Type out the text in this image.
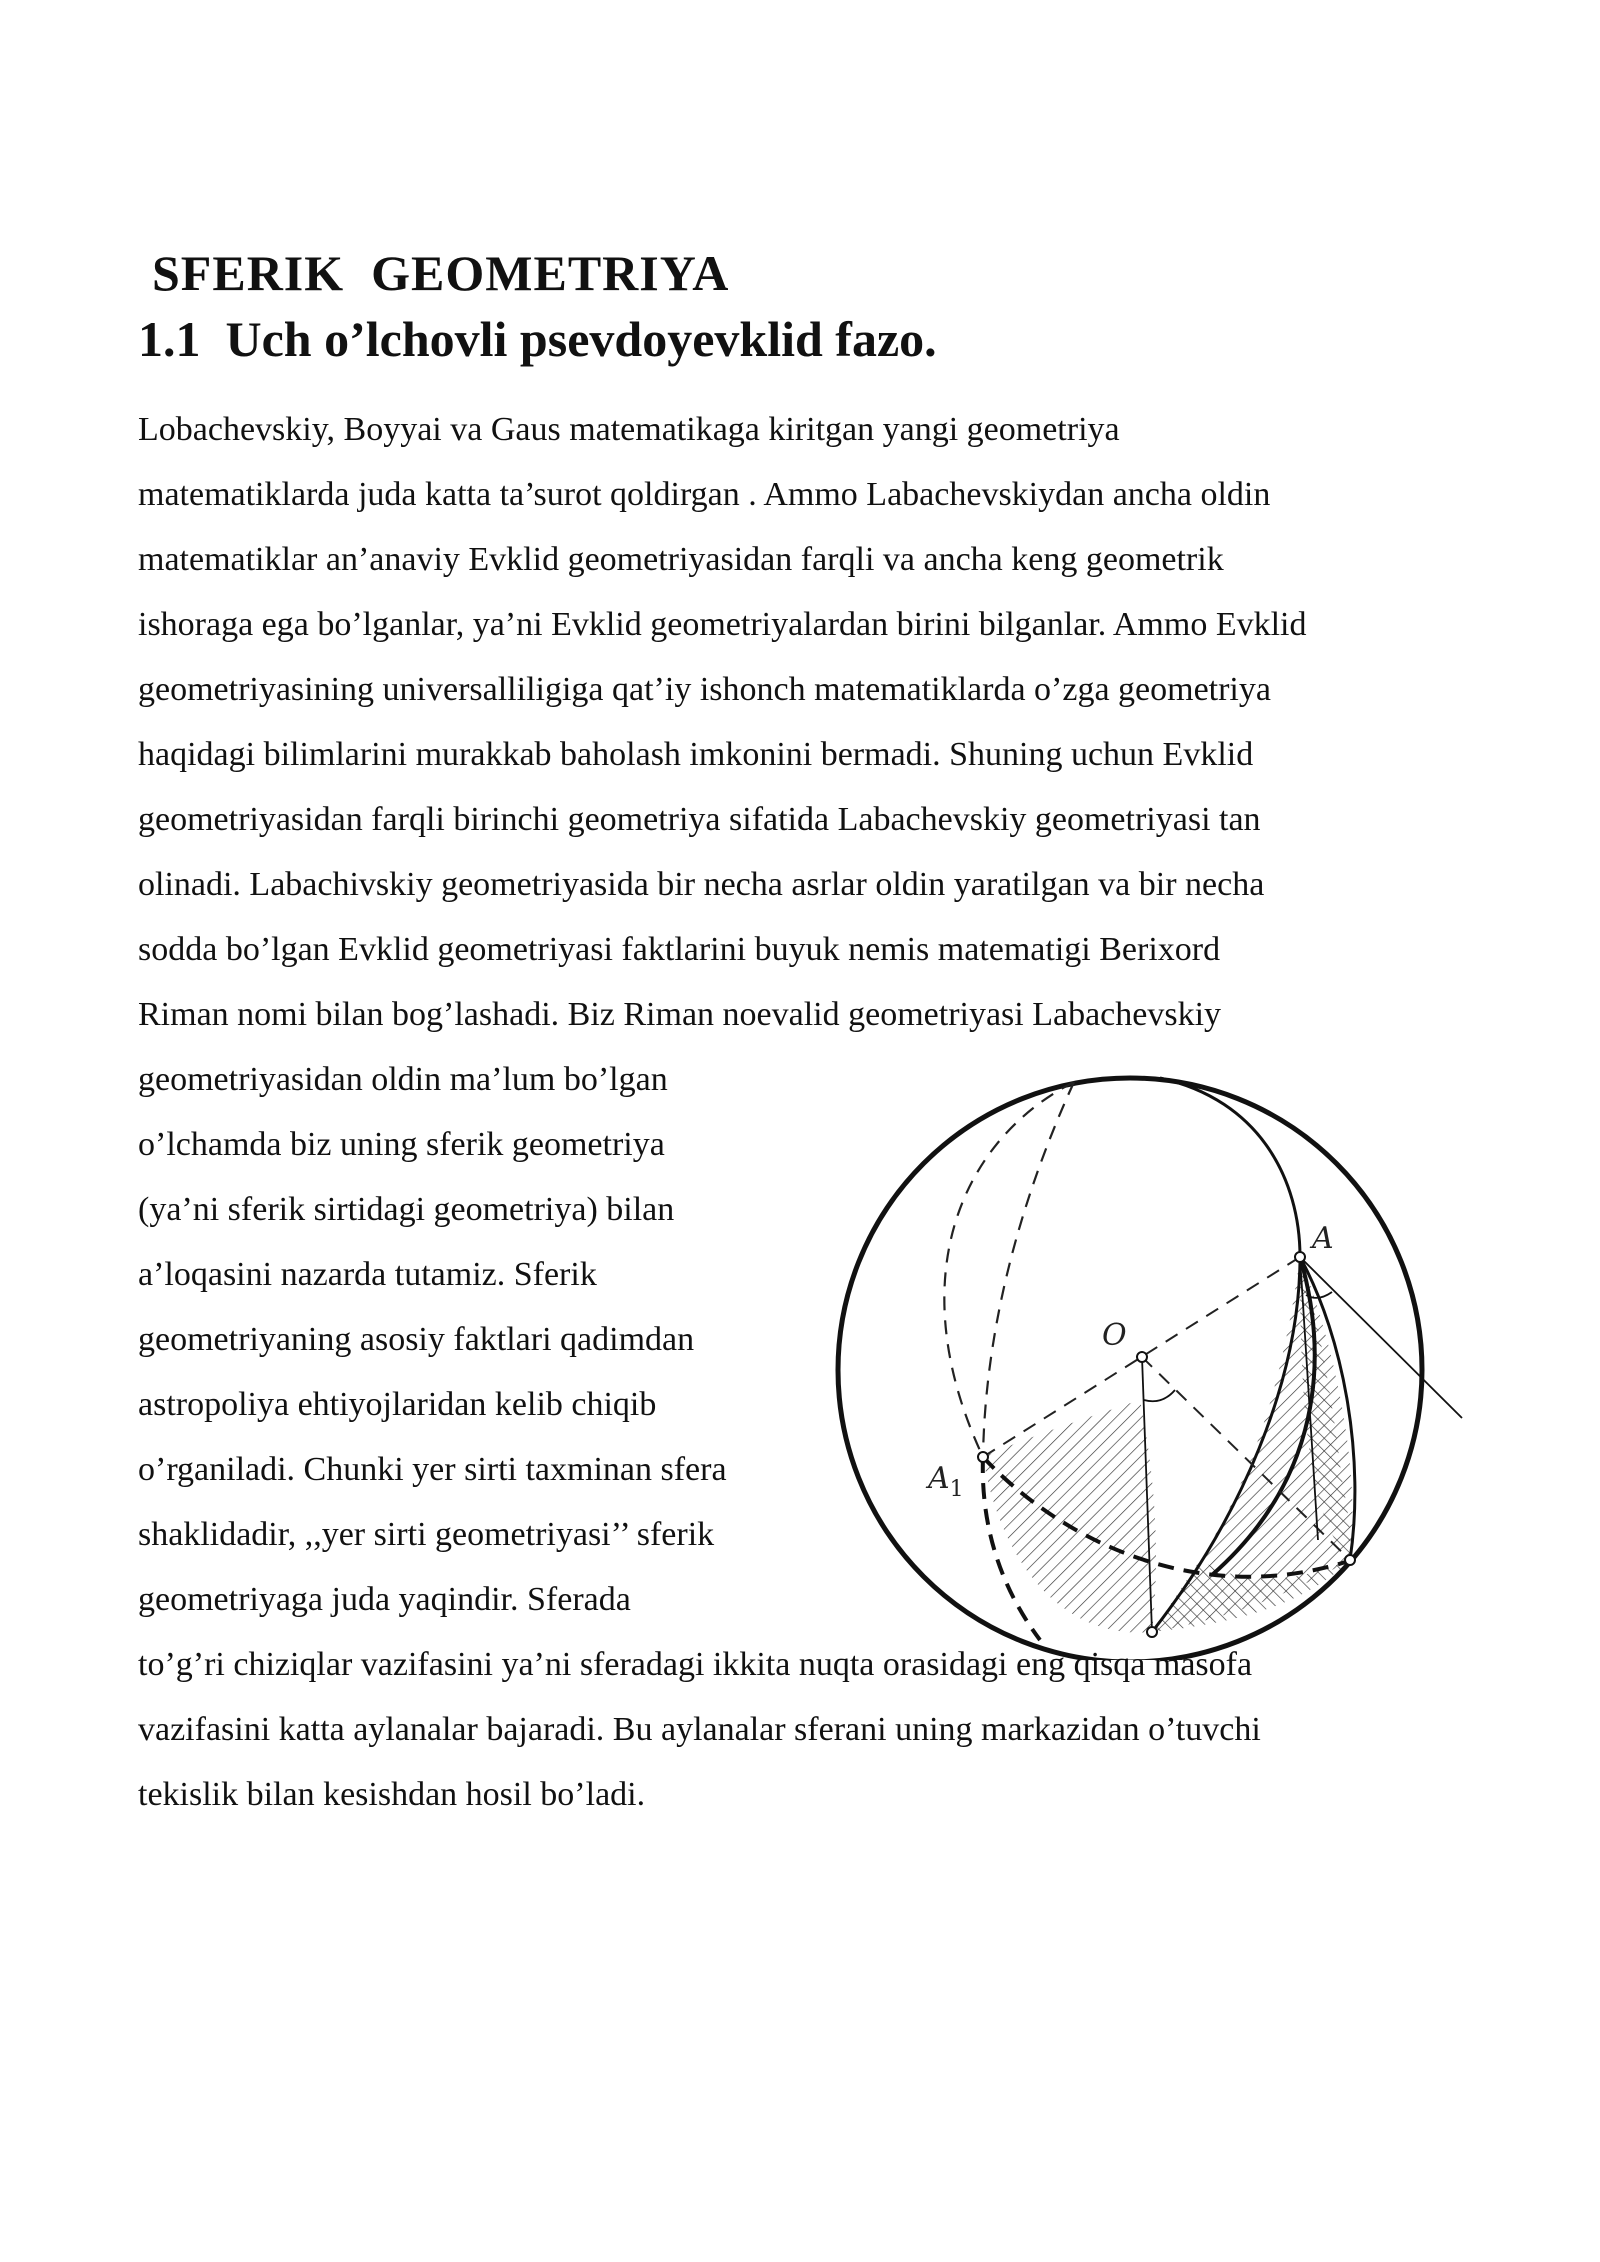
SFERIK  GEOMETRIYA
1.1  Uch o’lchovli psevdoyevklid fazo.
Lobachevskiy, Boyyai va Gaus matematikaga kiritgan yangi geometriya
matematiklarda juda katta ta’surot qoldirgan . Ammo Labachevskiydan ancha oldin
matematiklar an’anaviy Evklid geometriyasidan farqli va ancha keng geometrik
ishoraga ega bo’lganlar, ya’ni Evklid geometriyalardan birini bilganlar. Ammo Evklid
geometriyasining universalliligiga qat’iy ishonch matematiklarda o’zga geometriya
haqidagi bilimlarini murakkab baholash imkonini bermadi. Shuning uchun Evklid
geometriyasidan farqli birinchi geometriya sifatida Labachevskiy geometriyasi tan
olinadi. Labachivskiy geometriyasida bir necha asrlar oldin yaratilgan va bir necha
sodda bo’lgan Evklid geometriyasi faktlarini buyuk nemis matematigi Berixord
Riman nomi bilan bog’lashadi. Biz Riman noevalid geometriyasi Labachevskiy
geometriyasidan oldin ma’lum bo’lgan
o’lchamda biz uning sferik geometriya
(ya’ni sferik sirtidagi geometriya) bilan
a’loqasini nazarda tutamiz. Sferik
geometriyaning asosiy faktlari qadimdan
astropoliya ehtiyojlaridan kelib chiqib
o’rganiladi. Chunki yer sirti taxminan sfera
shaklidadir, ,,yer sirti geometriyasi’’ sferik
geometriyaga juda yaqindir. Sferada
to’g’ri chiziqlar vazifasini ya’ni sferadagi ikkita nuqta orasidagi eng qisqa masofa
vazifasini katta aylanalar bajaradi. Bu aylanalar sferani uning markazidan o’tuvchi
tekislik bilan kesishdan hosil bo’ladi.
A
O
$A_1$
